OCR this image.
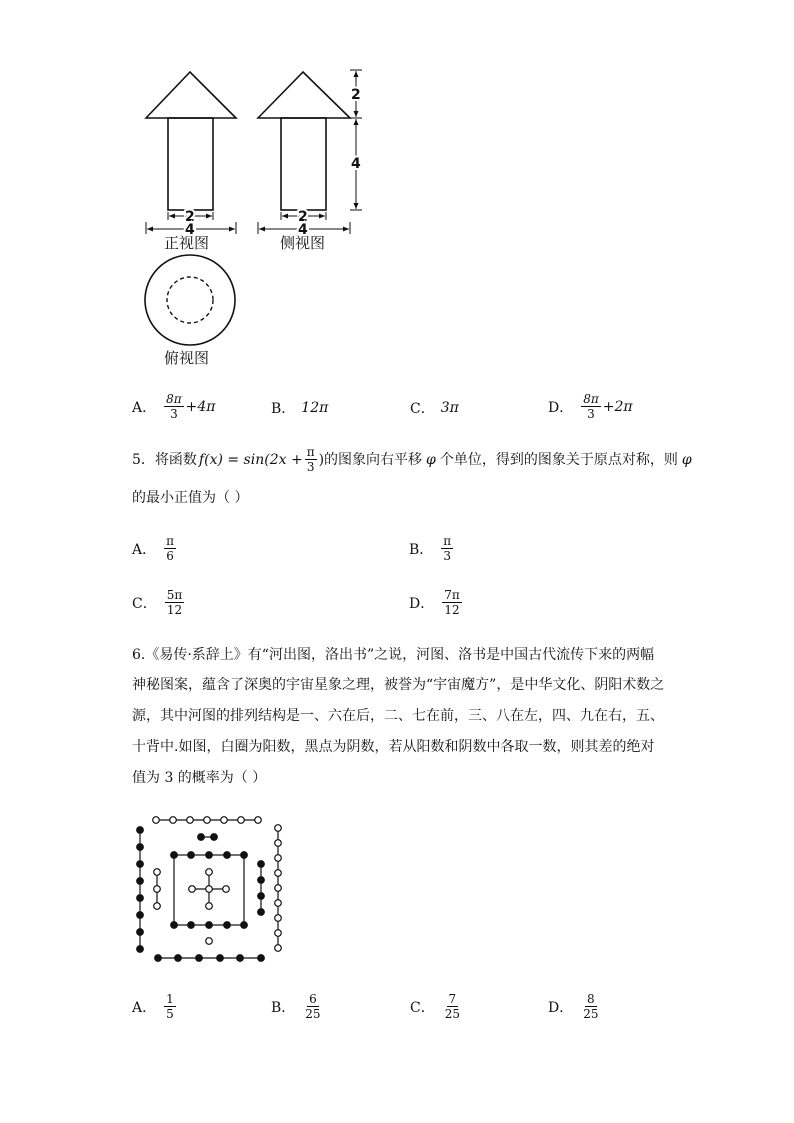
2
4
2
4
2
4
正视图	侧视图
俯视图
A． $\frac{8\pi}{3} +4\pi$	B． 12π	C． 3π	D． $\frac{8\pi}{3} +2\pi$
5．将函数 $f(x) = \sin(2x + \frac{\pi}{3}$ )的图象向右平移 φ 个单位，得到的图象关于原点对称，则 φ
的最小正值为（ ）
A． $\frac{\pi}{6}$	B． $\frac{\pi}{3}$
C． $\frac{5\pi}{12}$	D． $\frac{7\pi}{12}$
6.《易传·系辞上》有“河出图，洛出书”之说，河图、洛书是中国古代流传下来的两幅
神秘图案，蕴含了深奥的宇宙星象之理，被誉为“宇宙魔方”，是中华文化、阴阳术数之
源，其中河图的排列结构是一、六在后，二、七在前，三、八在左，四、九在右，五、
十背中.如图，白圈为阳数，黑点为阴数，若从阳数和阴数中各取一数，则其差的绝对
值为 3 的概率为（ ）
A． $\frac{1}{5}$	B． $\frac{6}{25}$	C． $\frac{7}{25}$	D． $\frac{8}{25}$
